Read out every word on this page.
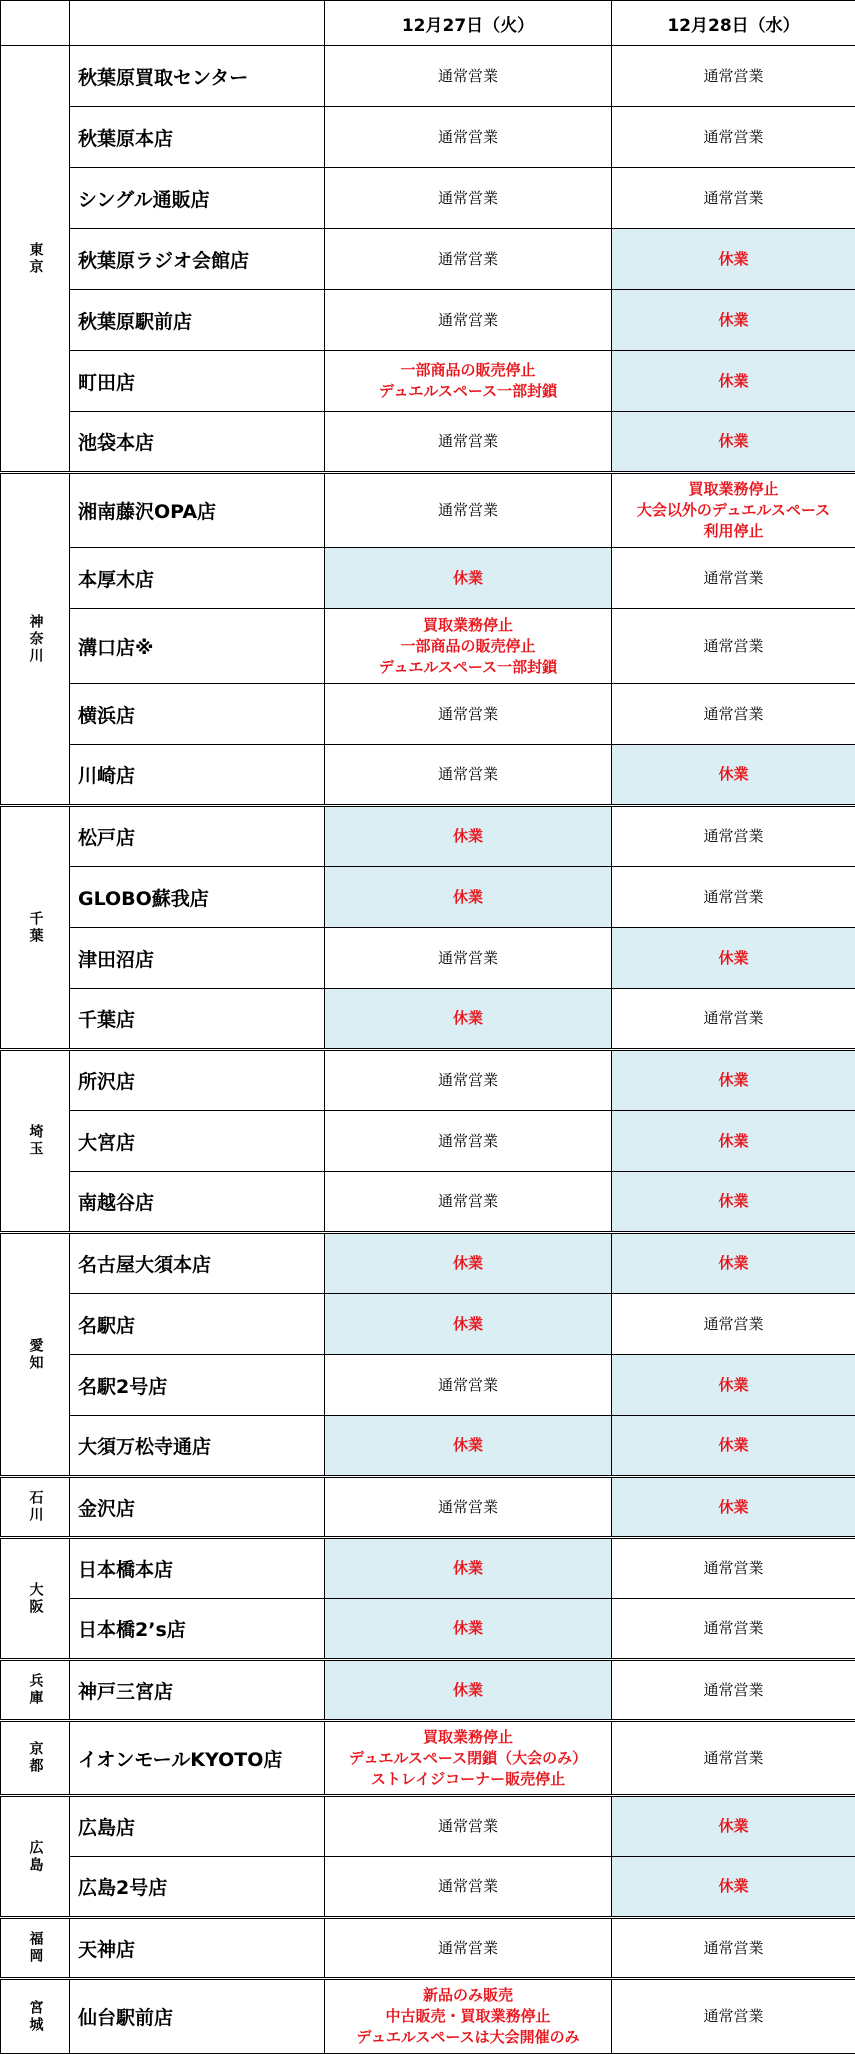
		12月27日（火）	12月28日（水）
東京	秋葉原買取センター	通常営業	通常営業

	秋葉原本店	通常営業	通常営業

	シングル通販店	通常営業	通常営業

	秋葉原ラジオ会館店	通常営業	休業

	秋葉原駅前店	通常営業	休業

	町田店	一部商品の販売停止
デュエルスペース一部封鎖	休業

	池袋本店	通常営業	休業

神奈川	湘南藤沢OPA店	通常営業	買取業務停止
大会以外のデュエルスペース
利用停止

	本厚木店	休業	通常営業

	溝口店※	買取業務停止
一部商品の販売停止
デュエルスペース一部封鎖	通常営業

	横浜店	通常営業	通常営業

	川崎店	通常営業	休業

千葉	松戸店	休業	通常営業

	GLOBO蘇我店	休業	通常営業

	津田沼店	通常営業	休業

	千葉店	休業	通常営業

埼玉	所沢店	通常営業	休業

	大宮店	通常営業	休業

	南越谷店	通常営業	休業

愛知	名古屋大須本店	休業	休業

	名駅店	休業	通常営業

	名駅2号店	通常営業	休業

	大須万松寺通店	休業	休業

石川	金沢店	通常営業	休業

大阪	日本橋本店	休業	通常営業

	日本橋2’s店	休業	通常営業

兵庫	神戸三宮店	休業	通常営業

京都	イオンモールKYOTO店	買取業務停止
デュエルスペース閉鎖（大会のみ）
ストレイジコーナー販売停止	通常営業

広島	広島店	通常営業	休業

	広島2号店	通常営業	休業

福岡	天神店	通常営業	通常営業

宮城	仙台駅前店	新品のみ販売
中古販売・買取業務停止
デュエルスペースは大会開催のみ	通常営業
